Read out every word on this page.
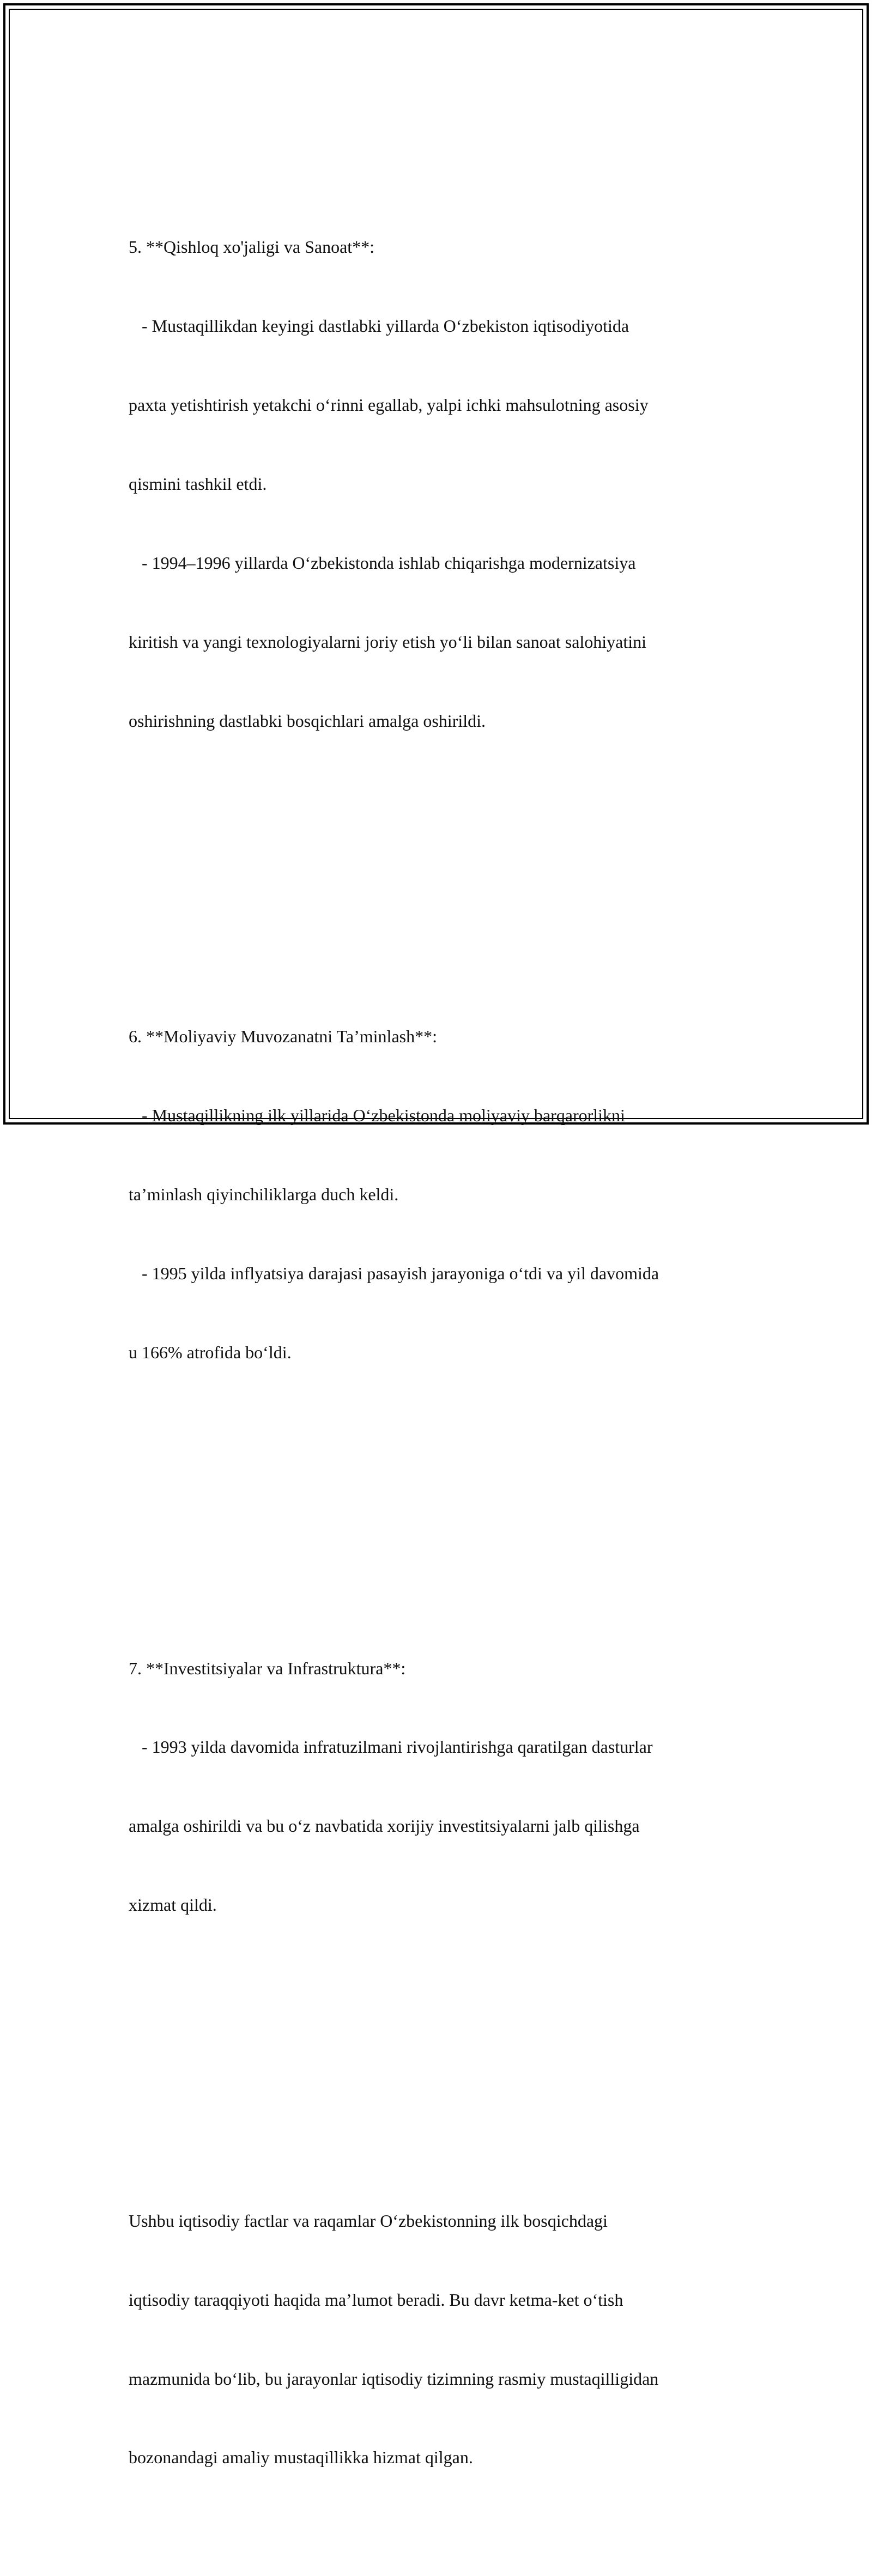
5. **Qishloq xo'jaligi va Sanoat**:

- Mustaqillikdan keyingi dastlabki yillarda O‘zbekiston iqtisodiyotida

paxta yetishtirish yetakchi o‘rinni egallab, yalpi ichki mahsulotning asosiy

qismini tashkil etdi.

- 1994–1996 yillarda O‘zbekistonda ishlab chiqarishga modernizatsiya

kiritish va yangi texnologiyalarni joriy etish yo‘li bilan sanoat salohiyatini

oshirishning dastlabki bosqichlari amalga oshirildi.

6. **Moliyaviy Muvozanatni Ta’minlash**:

- Mustaqillikning ilk yillarida O‘zbekistonda moliyaviy barqarorlikni

ta’minlash qiyinchiliklarga duch keldi.

- 1995 yilda inflyatsiya darajasi pasayish jarayoniga o‘tdi va yil davomida

u 166% atrofida bo‘ldi.

7. **Investitsiyalar va Infrastruktura**:

- 1993 yilda davomida infratuzilmani rivojlantirishga qaratilgan dasturlar

amalga oshirildi va bu o‘z navbatida xorijiy investitsiyalarni jalb qilishga

xizmat qildi.

Ushbu iqtisodiy factlar va raqamlar O‘zbekistonning ilk bosqichdagi

iqtisodiy taraqqiyoti haqida ma’lumot beradi. Bu davr ketma-ket o‘tish

mazmunida bo‘lib, bu jarayonlar iqtisodiy tizimning rasmiy mustaqilligidan

bozonandagi amaliy mustaqillikka hizmat qilgan.
